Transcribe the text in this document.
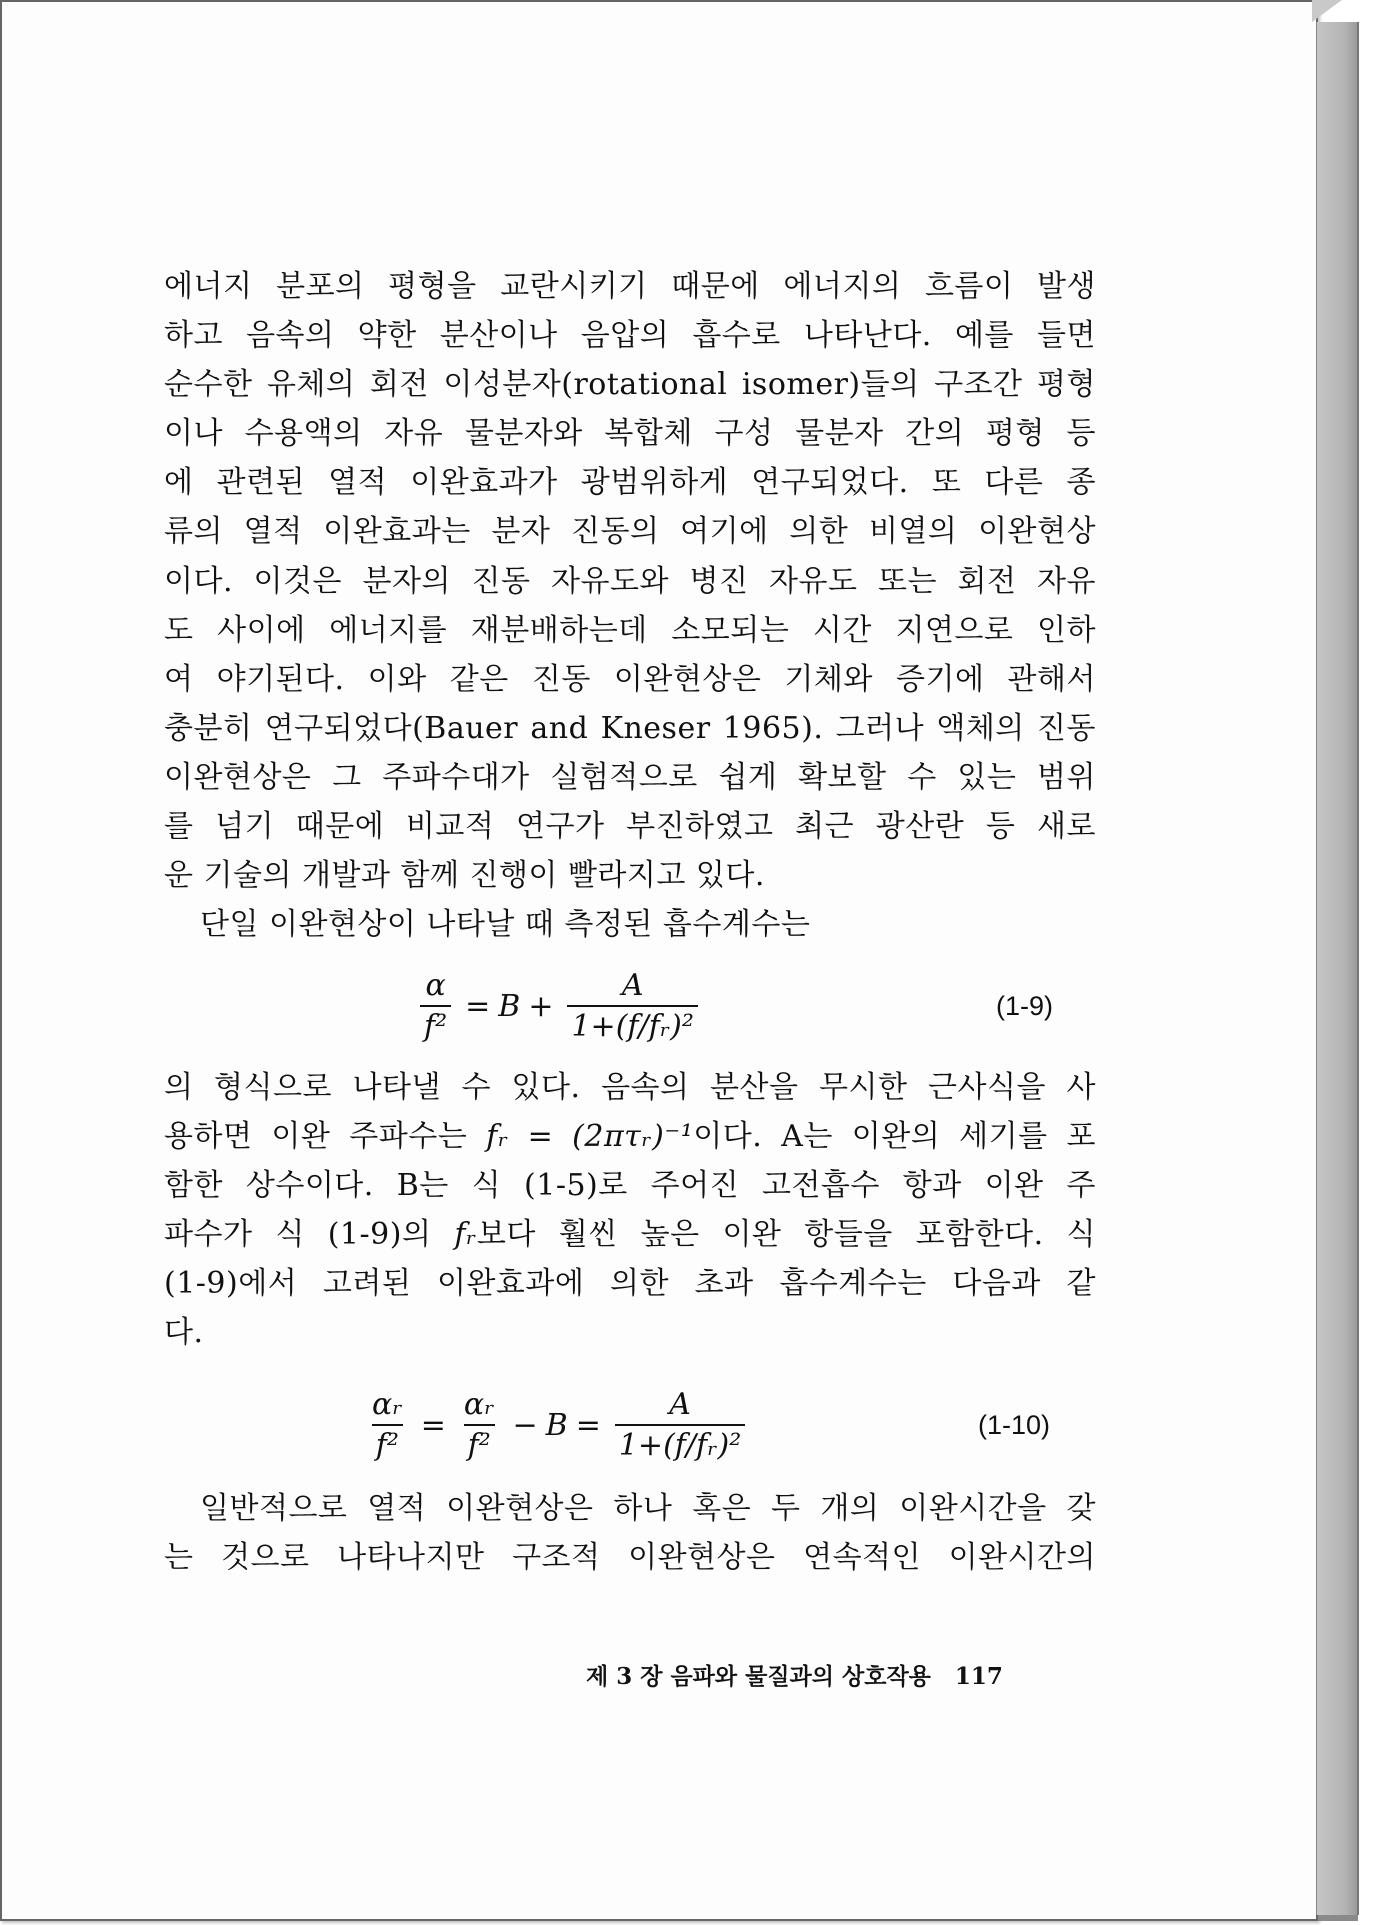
에너지 분포의 평형을 교란시키기 때문에 에너지의 흐름이 발생
하고 음속의 약한 분산이나 음압의 흡수로 나타난다. 예를 들면
순수한 유체의 회전 이성분자(rotational isomer)들의 구조간 평형
이나 수용액의 자유 물분자와 복합체 구성 물분자 간의 평형 등
에 관련된 열적 이완효과가 광범위하게 연구되었다. 또 다른 종
류의 열적 이완효과는 분자 진동의 여기에 의한 비열의 이완현상
이다. 이것은 분자의 진동 자유도와 병진 자유도 또는 회전 자유
도 사이에 에너지를 재분배하는데 소모되는 시간 지연으로 인하
여 야기된다. 이와 같은 진동 이완현상은 기체와 증기에 관해서
충분히 연구되었다(Bauer and Kneser 1965). 그러나 액체의 진동
이완현상은 그 주파수대가 실험적으로 쉽게 확보할 수 있는 범위
를 넘기 때문에 비교적 연구가 부진하였고 최근 광산란 등 새로
운 기술의 개발과 함께 진행이 빨라지고 있다.
단일 이완현상이 나타날 때 측정된 흡수계수는
$\frac{\alpha}{\text{f²}} = B + \frac{A}{\text{1+(f/fᵣ)²}}$	(1-9)
의 형식으로 나타낼 수 있다. 음속의 분산을 무시한 근사식을 사
용하면 이완 주파수는 fᵣ = (2πτᵣ)⁻¹이다. A는 이완의 세기를 포
함한 상수이다. B는 식 (1-5)로 주어진 고전흡수 항과 이완 주
파수가 식 (1-9)의 fᵣ보다 훨씬 높은 이완 항들을 포함한다. 식
(1-9)에서 고려된 이완효과에 의한 초과 흡수계수는 다음과 같
다.
$\frac{\text{αᵣ}}{\text{f²}} = \frac{\text{αᵣ}}{\text{f²}} - B = \frac{A}{\text{1+(f/fᵣ)²}}$	(1-10)
일반적으로 열적 이완현상은 하나 혹은 두 개의 이완시간을 갖
는 것으로 나타나지만 구조적 이완현상은 연속적인 이완시간의
제 3 장 음파와 물질과의 상호작용 117
